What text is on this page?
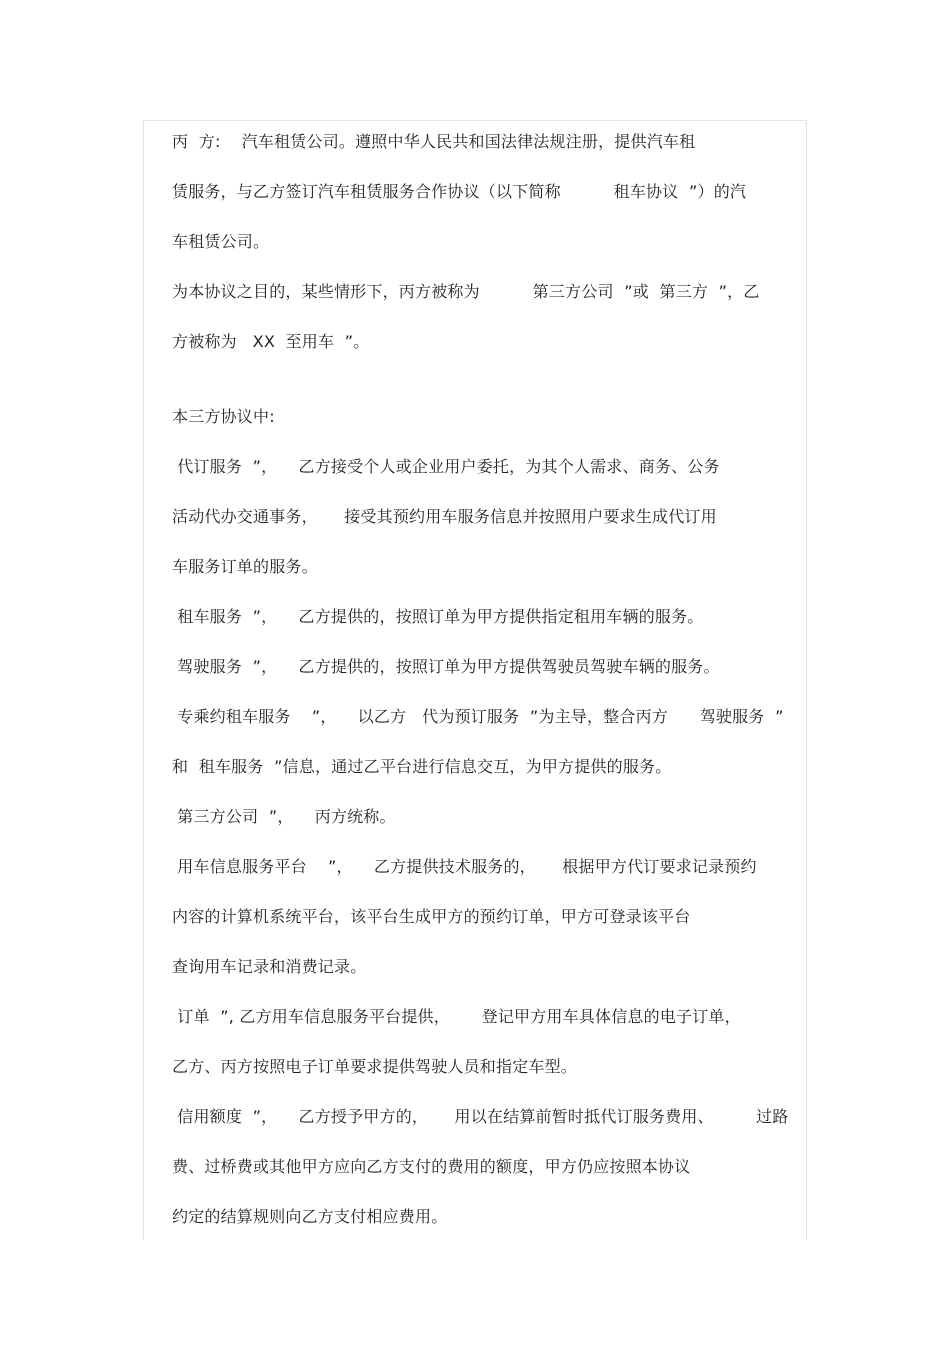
丙  方:    汽车租赁公司。遵照中华人民共和国法律法规注册，提供汽车租
赁服务，与乙方签订汽车租赁服务合作协议（以下简称          租车协议  ”）的汽
车租赁公司。
为本协议之目的，某些情形下，丙方被称为          第三方公司  ”或  第三方  ”，乙
方被称为   XX  至用车  ”。
本三方协议中:
代订服务  ”，    乙方接受个人或企业用户委托，为其个人需求、商务、公务
活动代办交通事务，     接受其预约用车服务信息并按照用户要求生成代订用
车服务订单的服务。
租车服务  ”，    乙方提供的，按照订单为甲方提供指定租用车辆的服务。
驾驶服务  ”，    乙方提供的，按照订单为甲方提供驾驶员驾驶车辆的服务。
专乘约租车服务    ”，    以乙方   代为预订服务  ”为主导，整合丙方      驾驶服务  ”
和  租车服务  ”信息，通过乙平台进行信息交互，为甲方提供的服务。
第三方公司  ”，    丙方统称。
用车信息服务平台    ”，    乙方提供技术服务的，     根据甲方代订要求记录预约
内容的计算机系统平台，该平台生成甲方的预约订单，甲方可登录该平台
查询用车记录和消费记录。
订单  ”, 乙方用车信息服务平台提供，      登记甲方用车具体信息的电子订单，
乙方、丙方按照电子订单要求提供驾驶人员和指定车型。
信用额度  ”，    乙方授予甲方的，     用以在结算前暂时抵代订服务费用、        过路
费、过桥费或其他甲方应向乙方支付的费用的额度，甲方仍应按照本协议
约定的结算规则向乙方支付相应费用。
